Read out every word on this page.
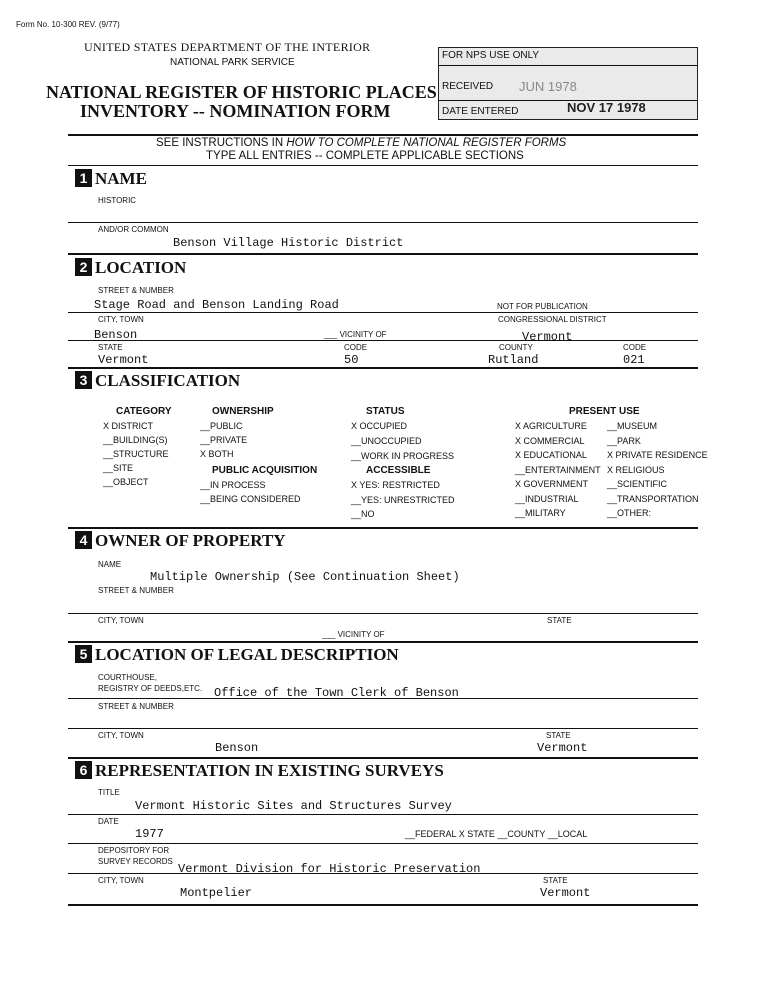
Form No. 10-300 REV. (9/77)
UNITED STATES DEPARTMENT OF THE INTERIOR
NATIONAL PARK SERVICE
NATIONAL REGISTER OF HISTORIC PLACES
INVENTORY -- NOMINATION FORM
FOR NPS USE ONLY
RECEIVED JUN 1978
DATE ENTERED	NOV 17 1978
SEE INSTRUCTIONS IN HOW TO COMPLETE NATIONAL REGISTER FORMS
TYPE ALL ENTRIES -- COMPLETE APPLICABLE SECTIONS
1 NAME
HISTORIC
AND/OR COMMON
Benson Village Historic District
2 LOCATION
STREET & NUMBER
Stage Road and Benson Landing Road	NOT FOR PUBLICATION
CITY, TOWN	CONGRESSIONAL DISTRICT
Benson	___ VICINITY OF	Vermont
STATE	CODE	COUNTY	CODE
Vermont	50	Rutland	021
3 CLASSIFICATION
CATEGORY	OWNERSHIP	STATUS	PRESENT USE
PUBLIC ACQUISITION	ACCESSIBLE
X DISTRICT
__BUILDING(S)
__STRUCTURE
__SITE
__OBJECT
__PUBLIC
__PRIVATE
X BOTH
__IN PROCESS
__BEING CONSIDERED
X OCCUPIED
__UNOCCUPIED
__WORK IN PROGRESS
X YES: RESTRICTED
__YES: UNRESTRICTED
__NO
X AGRICULTURE
X COMMERCIAL
X EDUCATIONAL
__ENTERTAINMENT
X GOVERNMENT
__INDUSTRIAL
__MILITARY
__MUSEUM
__PARK
X PRIVATE RESIDENCE
X RELIGIOUS
__SCIENTIFIC
__TRANSPORTATION
__OTHER:
4 OWNER OF PROPERTY
NAME
Multiple Ownership (See Continuation Sheet)
STREET & NUMBER
CITY, TOWN	STATE
___ VICINITY OF
5 LOCATION OF LEGAL DESCRIPTION
COURTHOUSE,
REGISTRY OF DEEDS,ETC. Office of the Town Clerk of Benson
STREET & NUMBER
CITY, TOWN	STATE
Benson	Vermont
6 REPRESENTATION IN EXISTING SURVEYS
TITLE
Vermont Historic Sites and Structures Survey
DATE
1977	__FEDERAL X STATE __COUNTY __LOCAL
DEPOSITORY FOR
SURVEY RECORDS
Vermont Division for Historic Preservation
CITY, TOWN	STATE
Montpelier	Vermont
